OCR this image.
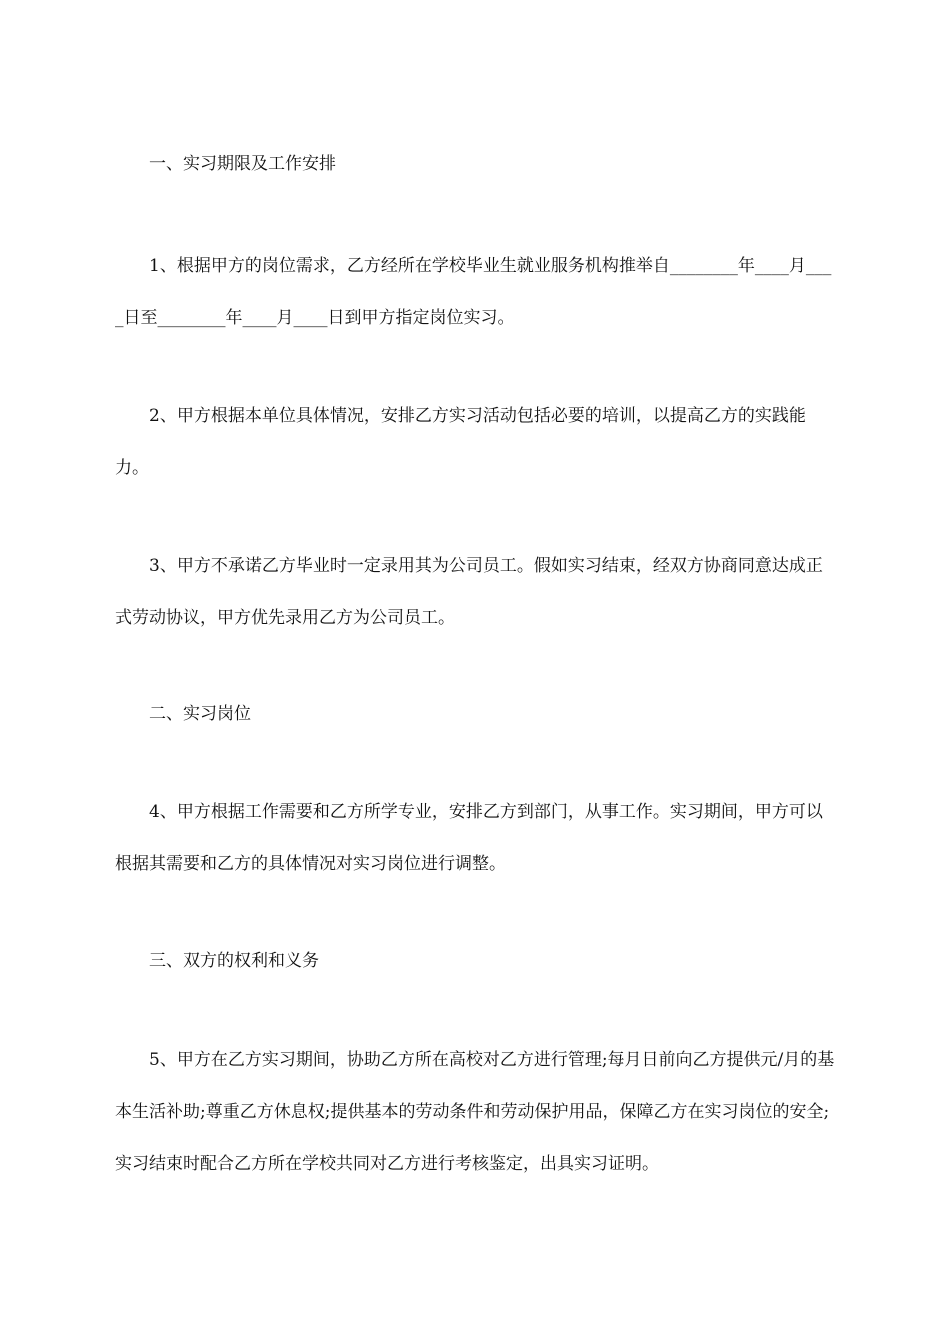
一、实习期限及工作安排

1、根据甲方的岗位需求，乙方经所在学校毕业生就业服务机构推举自________年____月____日至________年____月____日到甲方指定岗位实习。

2、甲方根据本单位具体情况，安排乙方实习活动包括必要的培训，以提高乙方的实践能力。

3、甲方不承诺乙方毕业时一定录用其为公司员工。假如实习结束，经双方协商同意达成正式劳动协议，甲方优先录用乙方为公司员工。

二、实习岗位

4、甲方根据工作需要和乙方所学专业，安排乙方到部门，从事工作。实习期间，甲方可以根据其需要和乙方的具体情况对实习岗位进行调整。

三、双方的权利和义务

5、甲方在乙方实习期间，协助乙方所在高校对乙方进行管理;每月日前向乙方提供元/月的基本生活补助;尊重乙方休息权;提供基本的劳动条件和劳动保护用品，保障乙方在实习岗位的安全;实习结束时配合乙方所在学校共同对乙方进行考核鉴定，出具实习证明。
